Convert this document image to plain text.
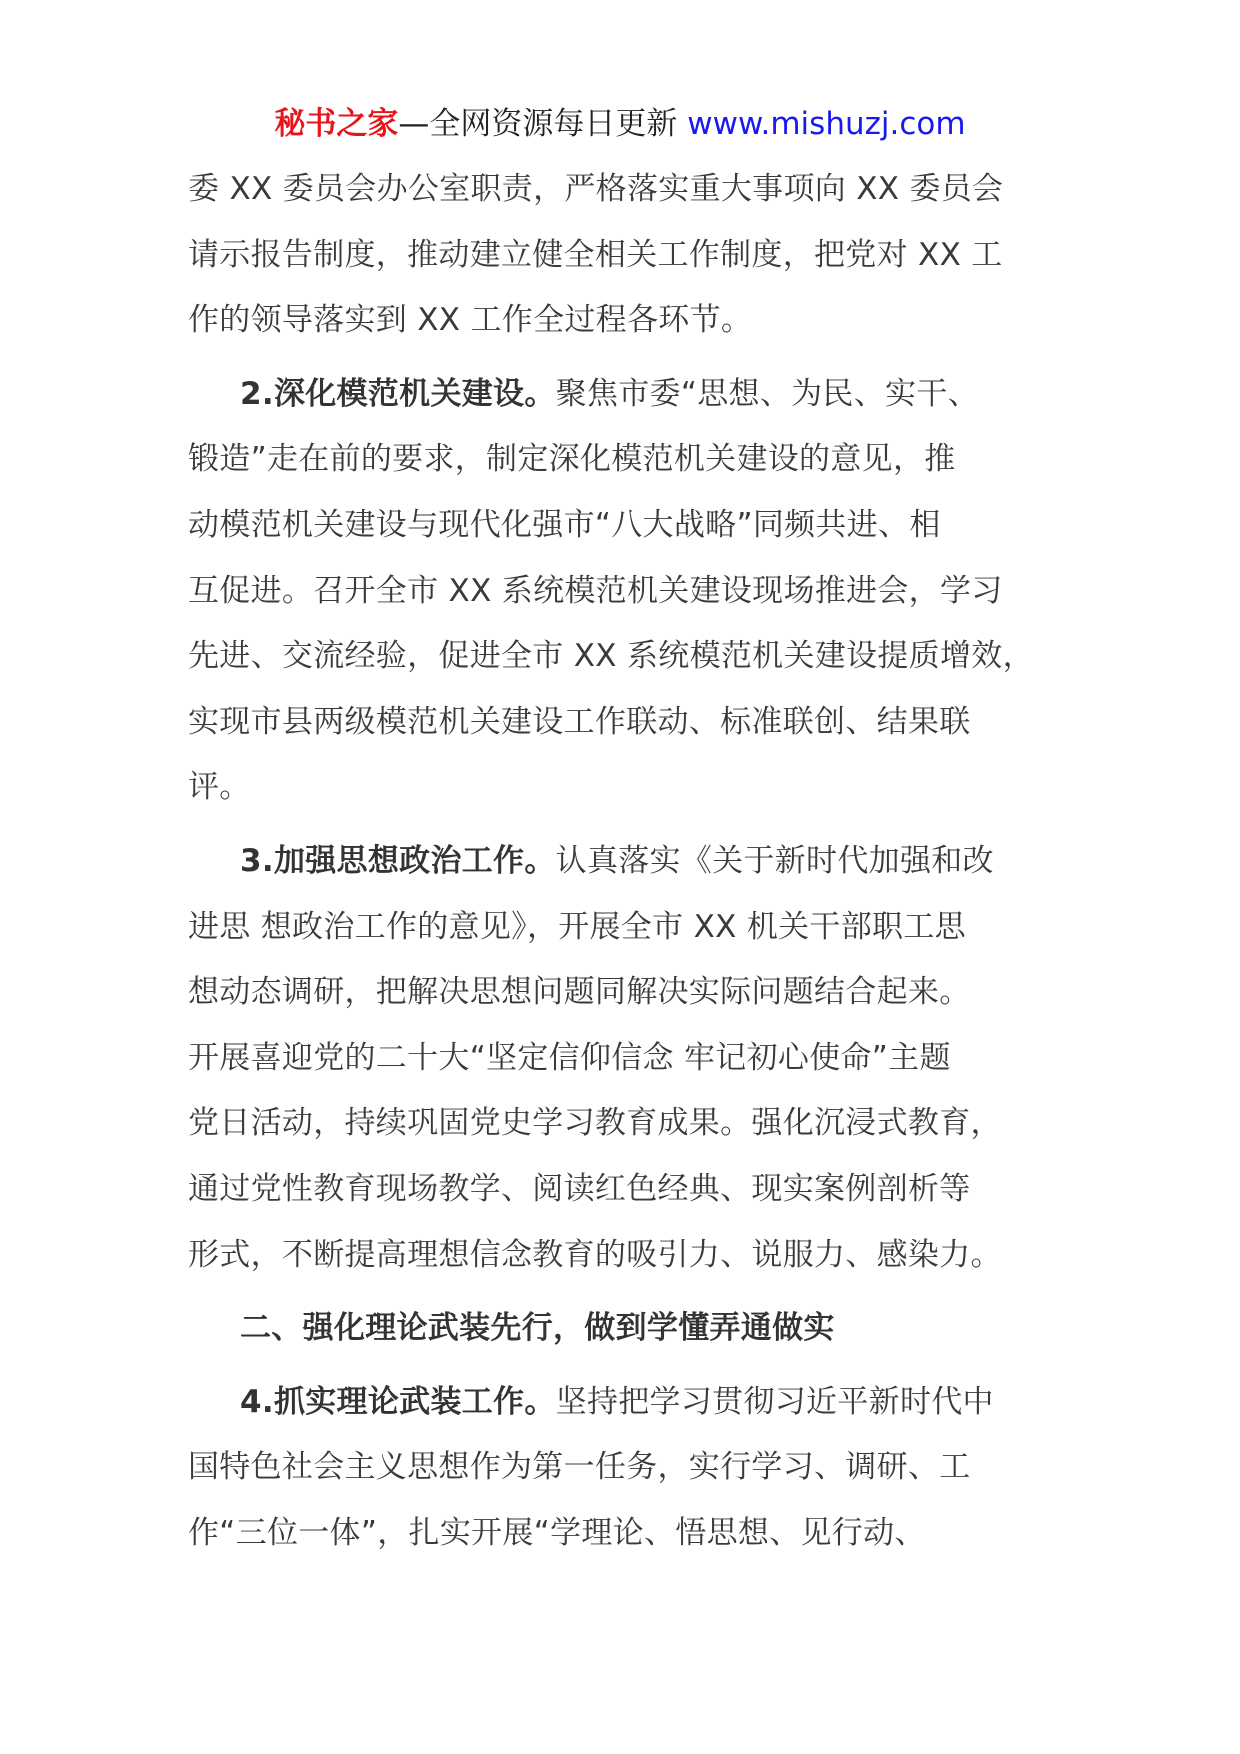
秘书之家—全网资源每日更新 www.mishuzj.com

委 XX 委员会办公室职责，严格落实重大事项向 XX 委员会
请示报告制度，推动建立健全相关工作制度，把党对 XX 工
作的领导落实到 XX 工作全过程各环节。

2.深化模范机关建设。聚焦市委“思想、为民、实干、
锻造”走在前的要求，制定深化模范机关建设的意见，推
动模范机关建设与现代化强市“八大战略”同频共进、相
互促进。召开全市 XX 系统模范机关建设现场推进会，学习
先进、交流经验，促进全市 XX 系统模范机关建设提质增效，
实现市县两级模范机关建设工作联动、标准联创、结果联
评。

3.加强思想政治工作。认真落实《关于新时代加强和改
进思 想政治工作的意见》，开展全市 XX 机关干部职工思
想动态调研，把解决思想问题同解决实际问题结合起来。
开展喜迎党的二十大“坚定信仰信念 牢记初心使命”主题
党日活动，持续巩固党史学习教育成果。强化沉浸式教育，
通过党性教育现场教学、阅读红色经典、现实案例剖析等
形式，不断提高理想信念教育的吸引力、说服力、感染力。

二、强化理论武装先行，做到学懂弄通做实

4.抓实理论武装工作。坚持把学习贯彻习近平新时代中
国特色社会主义思想作为第一任务，实行学习、调研、工
作“三位一体”，扎实开展“学理论、悟思想、见行动、
